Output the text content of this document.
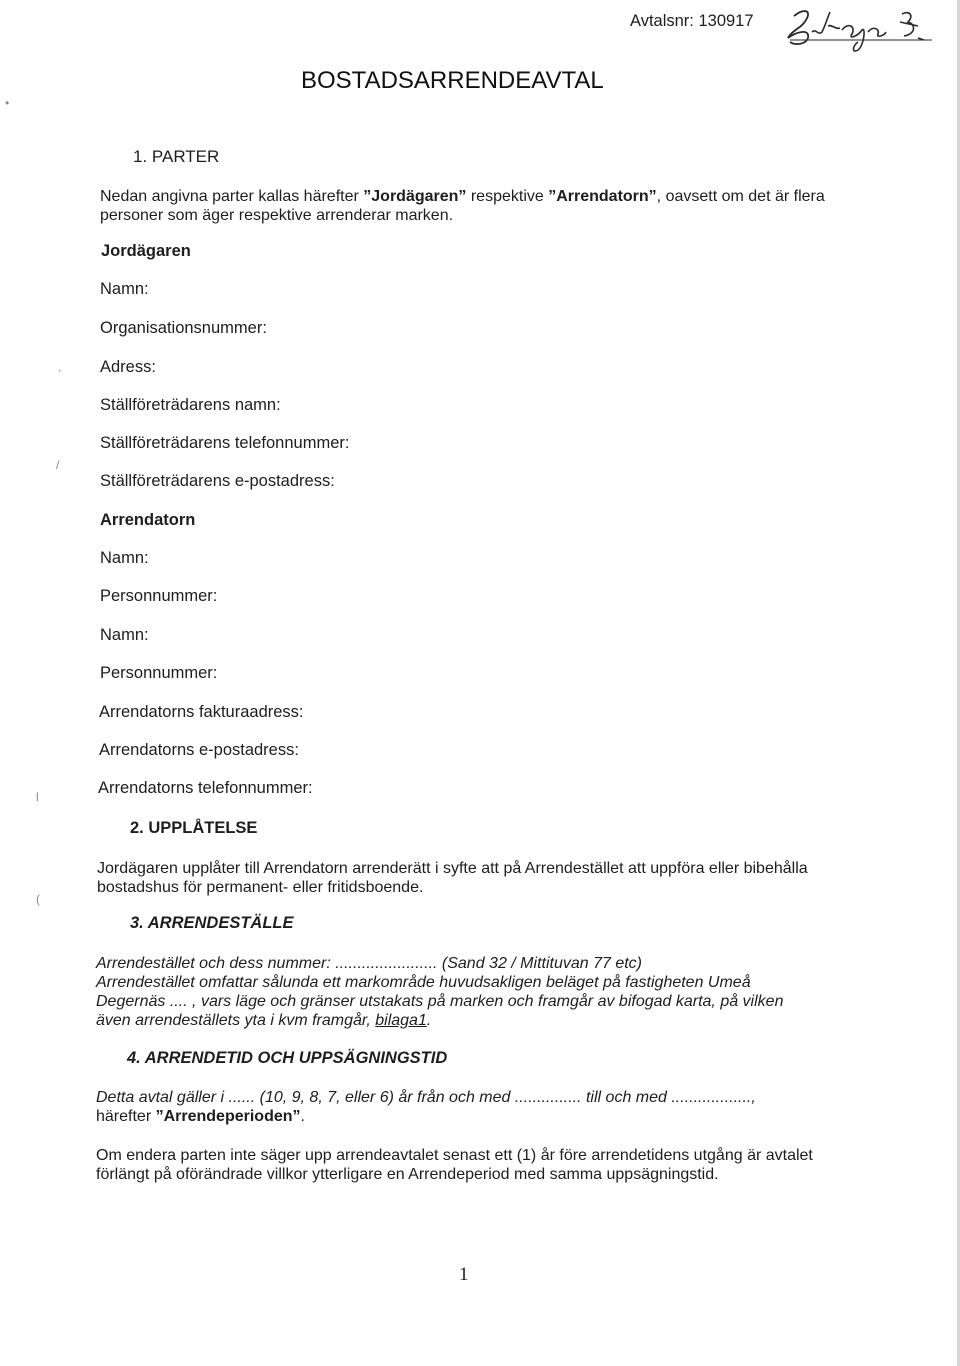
•
,
/
l
(
Avtalsnr: 130917
BOSTADSARRENDEAVTAL
1. PARTER
Nedan angivna parter kallas härefter ”Jordägaren” respektive ”Arrendatorn”, oavsett om det är flera
personer som äger respektive arrenderar marken.
Jordägaren
Namn:
Organisationsnummer:
Adress:
Ställföreträdarens namn:
Ställföreträdarens telefonnummer:
Ställföreträdarens e-postadress:
Arrendatorn
Namn:
Personnummer:
Namn:
Personnummer:
Arrendatorns fakturaadress:
Arrendatorns e-postadress:
Arrendatorns telefonnummer:
2. UPPLÅTELSE
Jordägaren upplåter till Arrendatorn arrenderätt i syfte att på Arrendestället att uppföra eller bibehålla
bostadshus för permanent- eller fritidsboende.
3. ARRENDESTÄLLE
Arrendestället och dess nummer: ....................... (Sand 32 / Mittituvan 77 etc)
Arrendestället omfattar sålunda ett markområde huvudsakligen beläget på fastigheten Umeå
Degernäs .... , vars läge och gränser utstakats på marken och framgår av bifogad karta, på vilken
även arrendeställets yta i kvm framgår, bilaga1.
4. ARRENDETID OCH UPPSÄGNINGSTID
Detta avtal gäller i ...... (10, 9, 8, 7, eller 6) år från och med ............... till och med ..................,
härefter ”Arrendeperioden”.
Om endera parten inte säger upp arrendeavtalet senast ett (1) år före arrendetidens utgång är avtalet
förlängt på oförändrade villkor ytterligare en Arrendeperiod med samma uppsägningstid.
1
